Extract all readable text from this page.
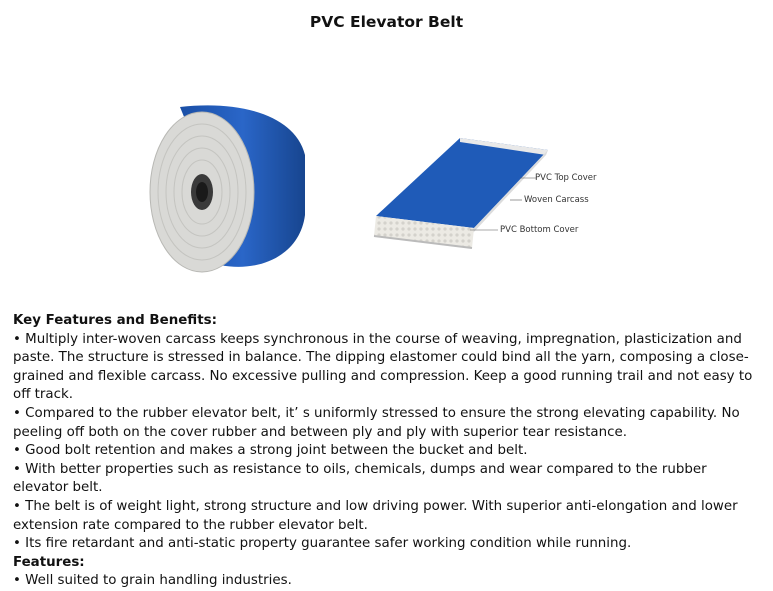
PVC Elevator Belt
PVC Top Cover
Woven Carcass
PVC Bottom Cover

Key Features and Benefits:

• Multiply inter-woven carcass keeps synchronous in the course of weaving, impregnation, plasticization and paste. The structure is stressed in balance. The dipping elastomer could bind all the yarn, composing a close-grained and flexible carcass. No excessive pulling and compression. Keep a good running trail and not easy to off track.

• Compared to the rubber elevator belt, it’ s uniformly stressed to ensure the strong elevating capability. No peeling off both on the cover rubber and between ply and ply with superior tear resistance.

• Good bolt retention and makes a strong joint between the bucket and belt.

• With better properties such as resistance to oils, chemicals, dumps and wear compared to the rubber elevator belt.

• The belt is of weight light, strong structure and low driving power. With superior anti-elongation and lower extension rate compared to the rubber elevator belt.

• Its fire retardant and anti-static property guarantee safer working condition while running.

Features:

• Well suited to grain handling industries.
